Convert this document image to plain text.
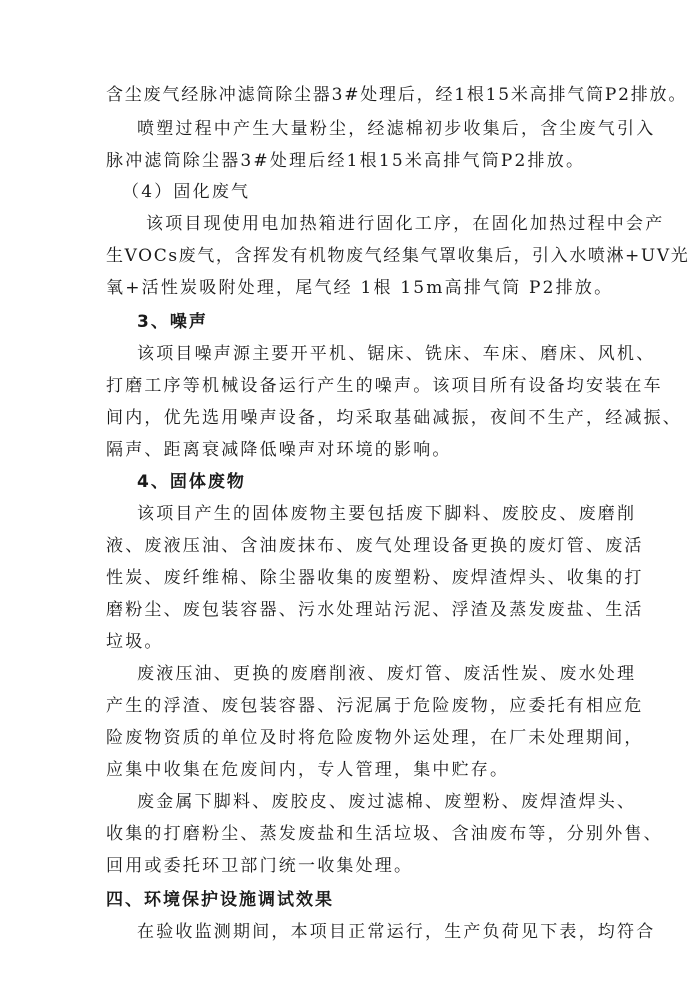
含尘废气经脉冲滤筒除尘器3#处理后，经1根15米高排气筒P2排放。
喷塑过程中产生大量粉尘，经滤棉初步收集后，含尘废气引入
脉冲滤筒除尘器3#处理后经1根15米高排气筒P2排放。
（4）固化废气
该项目现使用电加热箱进行固化工序，在固化加热过程中会产
生VOCs废气，含挥发有机物废气经集气罩收集后，引入水喷淋+UV光
氧+活性炭吸附处理，尾气经 1根 15m高排气筒 P2排放。
3、噪声
该项目噪声源主要开平机、锯床、铣床、车床、磨床、风机、
打磨工序等机械设备运行产生的噪声。该项目所有设备均安装在车
间内，优先选用噪声设备，均采取基础减振，夜间不生产，经减振、
隔声、距离衰减降低噪声对环境的影响。
4、固体废物
该项目产生的固体废物主要包括废下脚料、废胶皮、废磨削
液、废液压油、含油废抹布、废气处理设备更换的废灯管、废活
性炭、废纤维棉、除尘器收集的废塑粉、废焊渣焊头、收集的打
磨粉尘、废包装容器、污水处理站污泥、浮渣及蒸发废盐、生活
垃圾。
废液压油、更换的废磨削液、废灯管、废活性炭、废水处理
产生的浮渣、废包装容器、污泥属于危险废物，应委托有相应危
险废物资质的单位及时将危险废物外运处理，在厂未处理期间，
应集中收集在危废间内，专人管理，集中贮存。
废金属下脚料、废胶皮、废过滤棉、废塑粉、废焊渣焊头、
收集的打磨粉尘、蒸发废盐和生活垃圾、含油废布等，分别外售、
回用或委托环卫部门统一收集处理。
四、环境保护设施调试效果
在验收监测期间，本项目正常运行，生产负荷见下表，均符合
